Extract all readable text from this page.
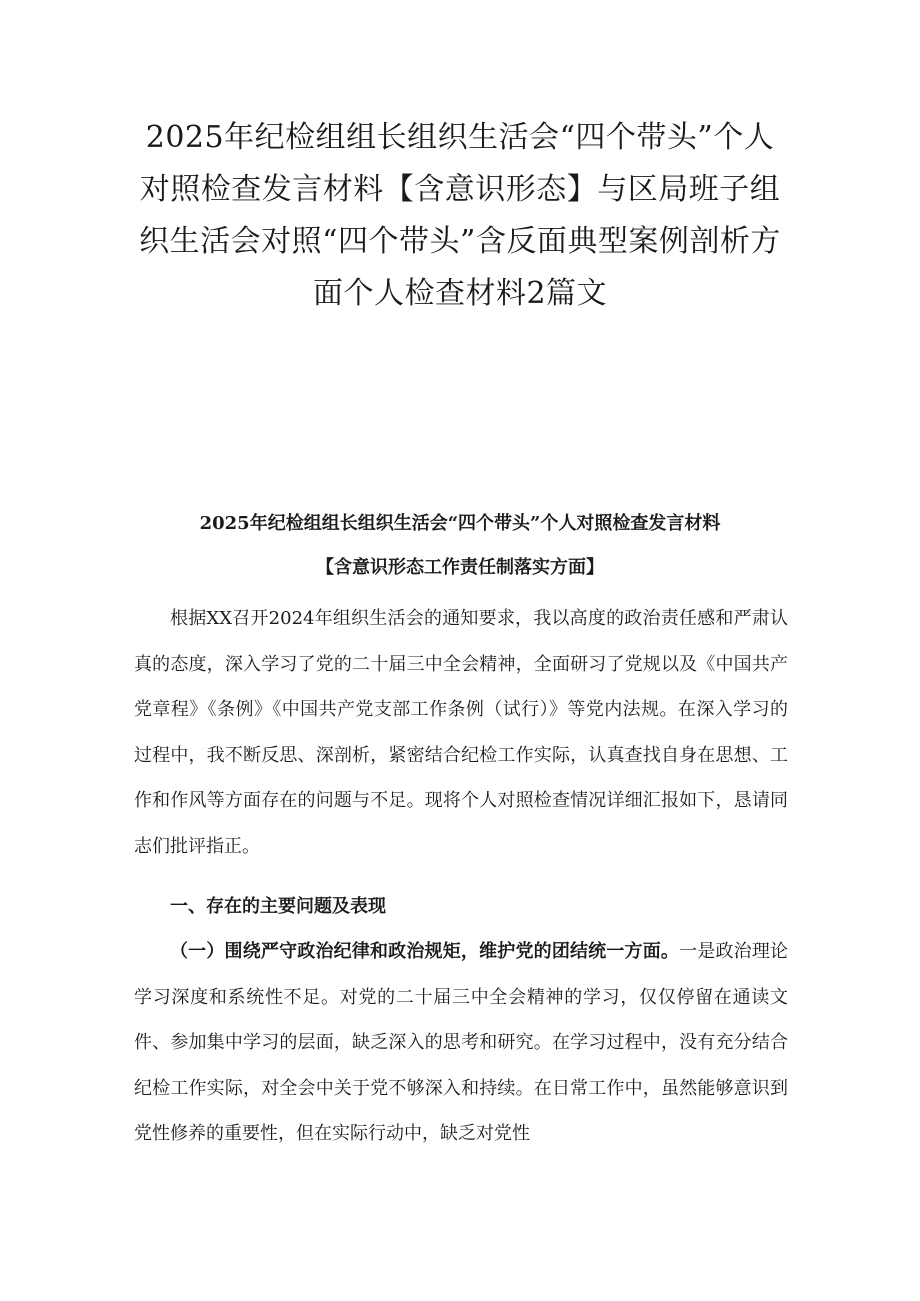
2025年纪检组组长组织生活会“四个带头”个人对照检查发言材料【含意识形态】与区局班子组织生活会对照“四个带头”含反面典型案例剖析方面个人检查材料2篇文
2025年纪检组组长组织生活会“四个带头”个人对照检查发言材料
【含意识形态工作责任制落实方面】

根据XX召开2024年组织生活会的通知要求，我以高度的政治责任感和严肃认真的态度，深入学习了党的二十届三中全会精神，全面研习了党规以及《中国共产党章程》《条例》《中国共产党支部工作条例（试行）》等党内法规。在深入学习的过程中，我不断反思、深剖析，紧密结合纪检工作实际，认真查找自身在思想、工作和作风等方面存在的问题与不足。现将个人对照检查情况详细汇报如下，恳请同志们批评指正。

一、存在的主要问题及表现

（一）围绕严守政治纪律和政治规矩，维护党的团结统一方面。一是政治理论学习深度和系统性不足。对党的二十届三中全会精神的学习，仅仅停留在通读文件、参加集中学习的层面，缺乏深入的思考和研究。在学习过程中，没有充分结合纪检工作实际，对全会中关于党不够深入和持续。在日常工作中，虽然能够意识到党性修养的重要性，但在实际行动中，缺乏对党性
